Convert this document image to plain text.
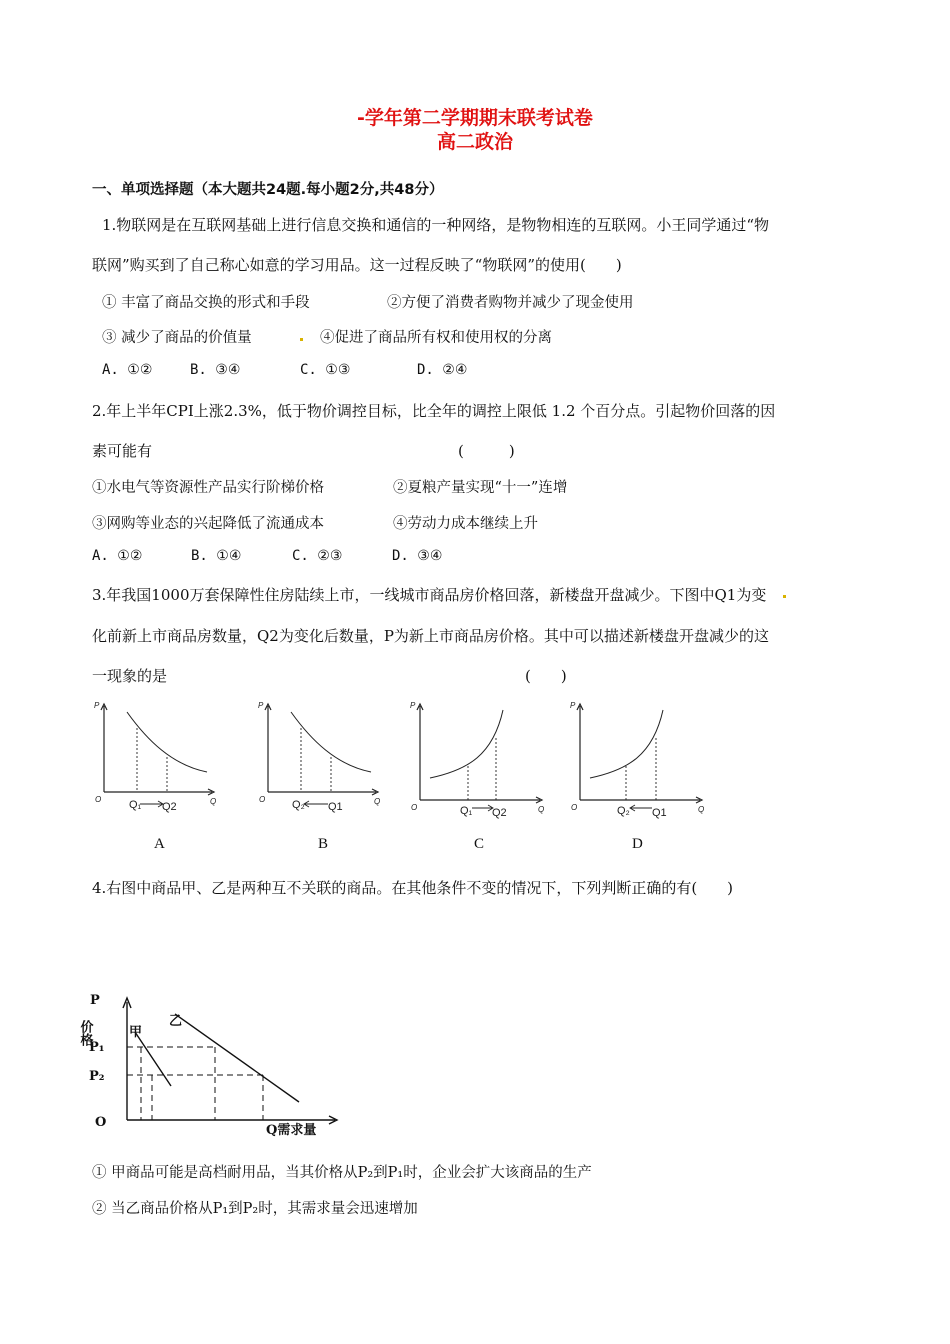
-学年第二学期期末联考试卷
高二政治
一、单项选择题（本大题共24题.每小题2分,共48分）
1.物联网是在互联网基础上进行信息交换和通信的一种网络，是物物相连的互联网。小王同学通过“物
联网”购买到了自己称心如意的学习用品。这一过程反映了“物联网”的使用(　　)
① 丰富了商品交换的形式和手段	②方便了消费者购物并减少了现金使用
③ 减少了商品的价值量	④促进了商品所有权和使用权的分离
A. ①②	B. ③④	C. ①③	D. ②④
2.年上半年CPI上涨2.3%，低于物价调控目标，比全年的调控上限低 1.2 个百分点。引起物价回落的因
素可能有	(　　　)
①水电气等资源性产品实行阶梯价格	②夏粮产量实现“十一”连增
③网购等业态的兴起降低了流通成本	④劳动力成本继续上升
A. ①②	B. ①④	C. ②③	D. ③④
3.年我国1000万套保障性住房陆续上市，一线城市商品房价格回落，新楼盘开盘减少。下图中Q1为变
化前新上市商品房数量，Q2为变化后数量，P为新上市商品房价格。其中可以描述新楼盘开盘减少的这
一现象的是	(　　)
P
O	Q
Q₁ Q2
A
P
O	Q
Q₂ Q1
B
P
O	Q
Q₁ Q2
C
P
O	Q
Q₂ Q1
D
4.右图中商品甲、乙是两种互不关联的商品。在其他条件不变的情况下，下列判断正确的有(　　)
P
价格
P₁
P₂
O
Q需求量
甲
乙
① 甲商品可能是高档耐用品，当其价格从P₂到P₁时，企业会扩大该商品的生产
② 当乙商品价格从P₁到P₂时，其需求量会迅速增加
